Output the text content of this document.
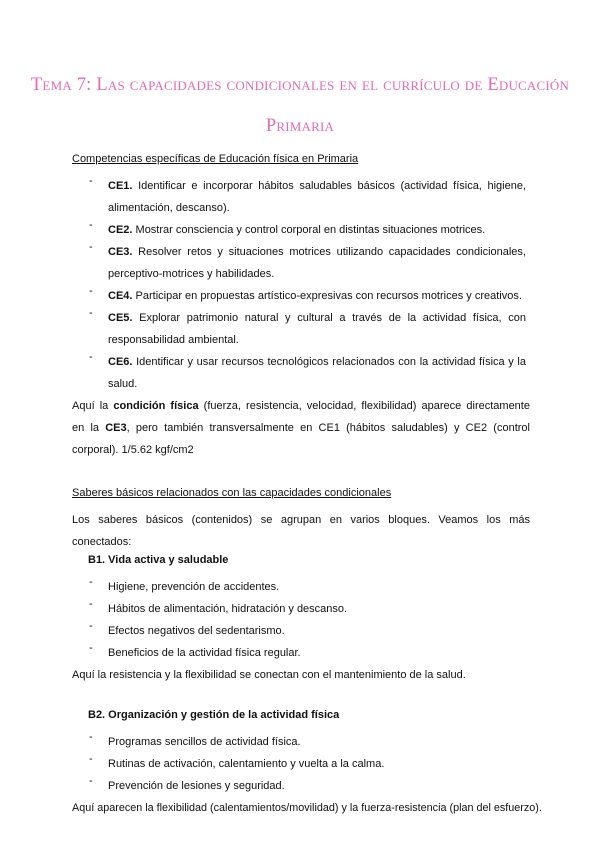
Tema 7: Las capacidades condicionales en el currículo de Educación
Primaria
Competencias específicas de Educación física en Primaria
- CE1. Identificar e incorporar hábitos saludables básicos (actividad física, higiene,
alimentación, descanso).
- CE2. Mostrar consciencia y control corporal en distintas situaciones motrices.
- CE3. Resolver retos y situaciones motrices utilizando capacidades condicionales,
perceptivo-motrices y habilidades.
- CE4. Participar en propuestas artístico-expresivas con recursos motrices y creativos.
- CE5. Explorar patrimonio natural y cultural a través de la actividad física, con
responsabilidad ambiental.
- CE6. Identificar y usar recursos tecnológicos relacionados con la actividad física y la
salud.
Aquí la condición física (fuerza, resistencia, velocidad, flexibilidad) aparece directamente
en la CE3, pero también transversalmente en CE1 (hábitos saludables) y CE2 (control
corporal). 1/5.62 kgf/cm2
Saberes básicos relacionados con las capacidades condicionales
Los saberes básicos (contenidos) se agrupan en varios bloques. Veamos los más
conectados:
B1. Vida activa y saludable
- Higiene, prevención de accidentes.
- Hábitos de alimentación, hidratación y descanso.
- Efectos negativos del sedentarismo.
- Beneficios de la actividad física regular.
Aquí la resistencia y la flexibilidad se conectan con el mantenimiento de la salud.
B2. Organización y gestión de la actividad física
- Programas sencillos de actividad física.
- Rutinas de activación, calentamiento y vuelta a la calma.
- Prevención de lesiones y seguridad.
Aquí aparecen la flexibilidad (calentamientos/movilidad) y la fuerza-resistencia (plan del esfuerzo).
